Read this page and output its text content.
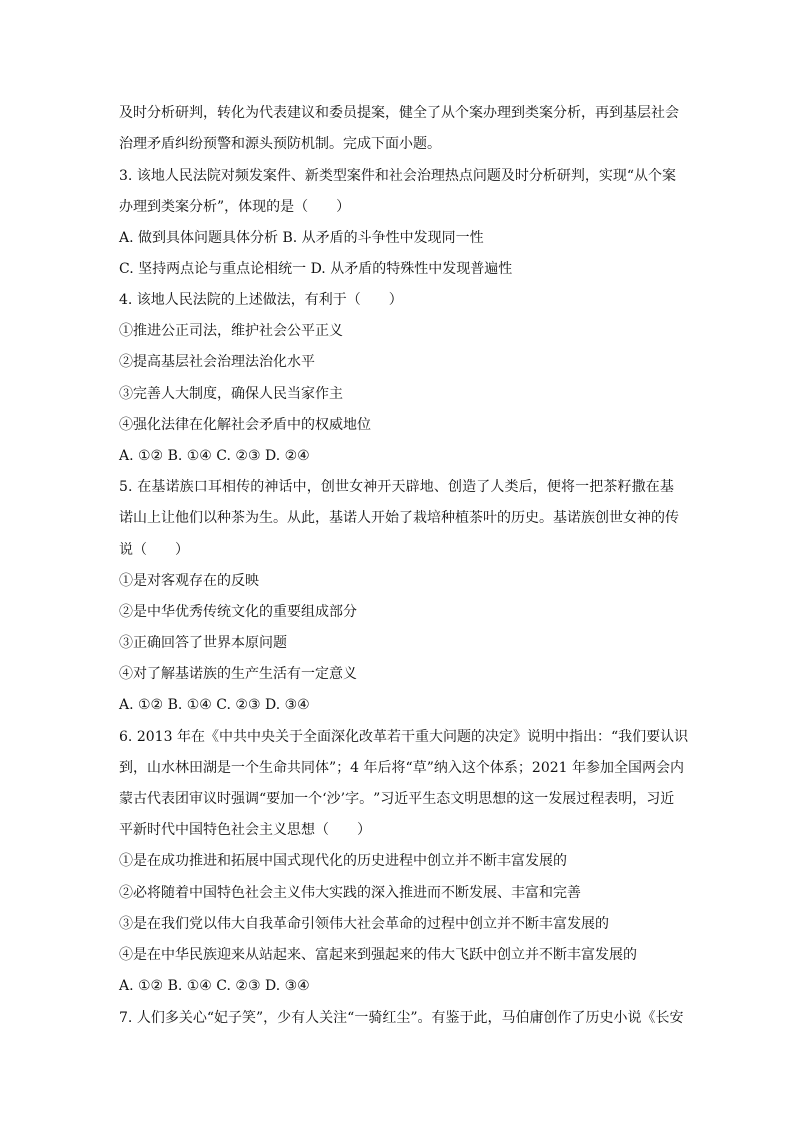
及 时 分 析 研 判 ， 转 化 为 代 表 建 议 和 委 员 提 案 ， 健 全 了 从 个 案 办 理 到 类 案 分 析 ， 再 到 基 层 社 会
治理矛盾纠纷预警和源头预防机制。完成下面小题。
3 .
该 地 人 民 法 院 对 频 发 案 件 、 新 类 型 案 件 和 社 会 治 理 热 点 问 题 及 时 分 析 研 判 ， 实 现 “ 从 个 案
办理到类案分析”，体现的是（　　）
A. 做到具体问题具体分析 B. 从矛盾的斗争性中发现同一性
C. 坚持两点论与重点论相统一 D. 从矛盾的特殊性中发现普遍性
4. 该地人民法院的上述做法，有利于（　　）
①推进公正司法，维护社会公平正义
②提高基层社会治理法治化水平
③完善人大制度，确保人民当家作主
④强化法律在化解社会矛盾中的权威地位
A. ①② B. ①④ C. ②③ D. ②④
5 .
在 基 诺 族 口 耳 相 传 的 神 话 中 ， 创 世 女 神 开 天 辟 地 、 创 造 了 人 类 后 ， 便 将 一 把 茶 籽 撒 在 基
诺 山 上 让 他 们 以 种 茶 为 生 。 从 此 ， 基 诺 人 开 始 了 栽 培 种 植 茶 叶 的 历 史 。 基 诺 族 创 世 女 神 的 传
说（　　）
①是对客观存在的反映
②是中华优秀传统文化的重要组成部分
③正确回答了世界本原问题
④对了解基诺族的生产生活有一定意义
A. ①② B. ①④ C. ②③ D. ③④
6 .
2 0 1 3
年 在 《 中 共 中 央 关 于 全 面 深 化 改 革 若 干 重 大 问 题 的 决 定 》 说 明 中 指 出 ： “ 我 们 要 认 识
到 ， 山 水 林 田 湖 是 一 个 生 命 共 同 体 ” ； 4
年 后 将 “ 草 ” 纳 入 这 个 体 系 ； 2 0 2 1
年 参 加 全 国 两 会 内
蒙 古 代 表 团 审 议 时 强 调 “ 要 加 一 个 ‘ 沙 ’ 字 。 ” 习 近 平 生 态 文 明 思 想 的 这 一 发 展 过 程 表 明 ， 习 近
平新时代中国特色社会主义思想（　　）
①是在成功推进和拓展中国式现代化的历史进程中创立并不断丰富发展的
②必将随着中国特色社会主义伟大实践的深入推进而不断发展、丰富和完善
③是在我们党以伟大自我革命引领伟大社会革命的过程中创立并不断丰富发展的
④是在中华民族迎来从站起来、富起来到强起来的伟大飞跃中创立并不断丰富发展的
A. ①② B. ①④ C. ②③ D. ③④
7 .
人 们 多 关 心 “ 妃 子 笑 ” ， 少 有 人 关 注 “ 一 骑 红 尘 ” 。 有 鉴 于 此 ， 马 伯 庸 创 作 了 历 史 小 说 《 长 安
